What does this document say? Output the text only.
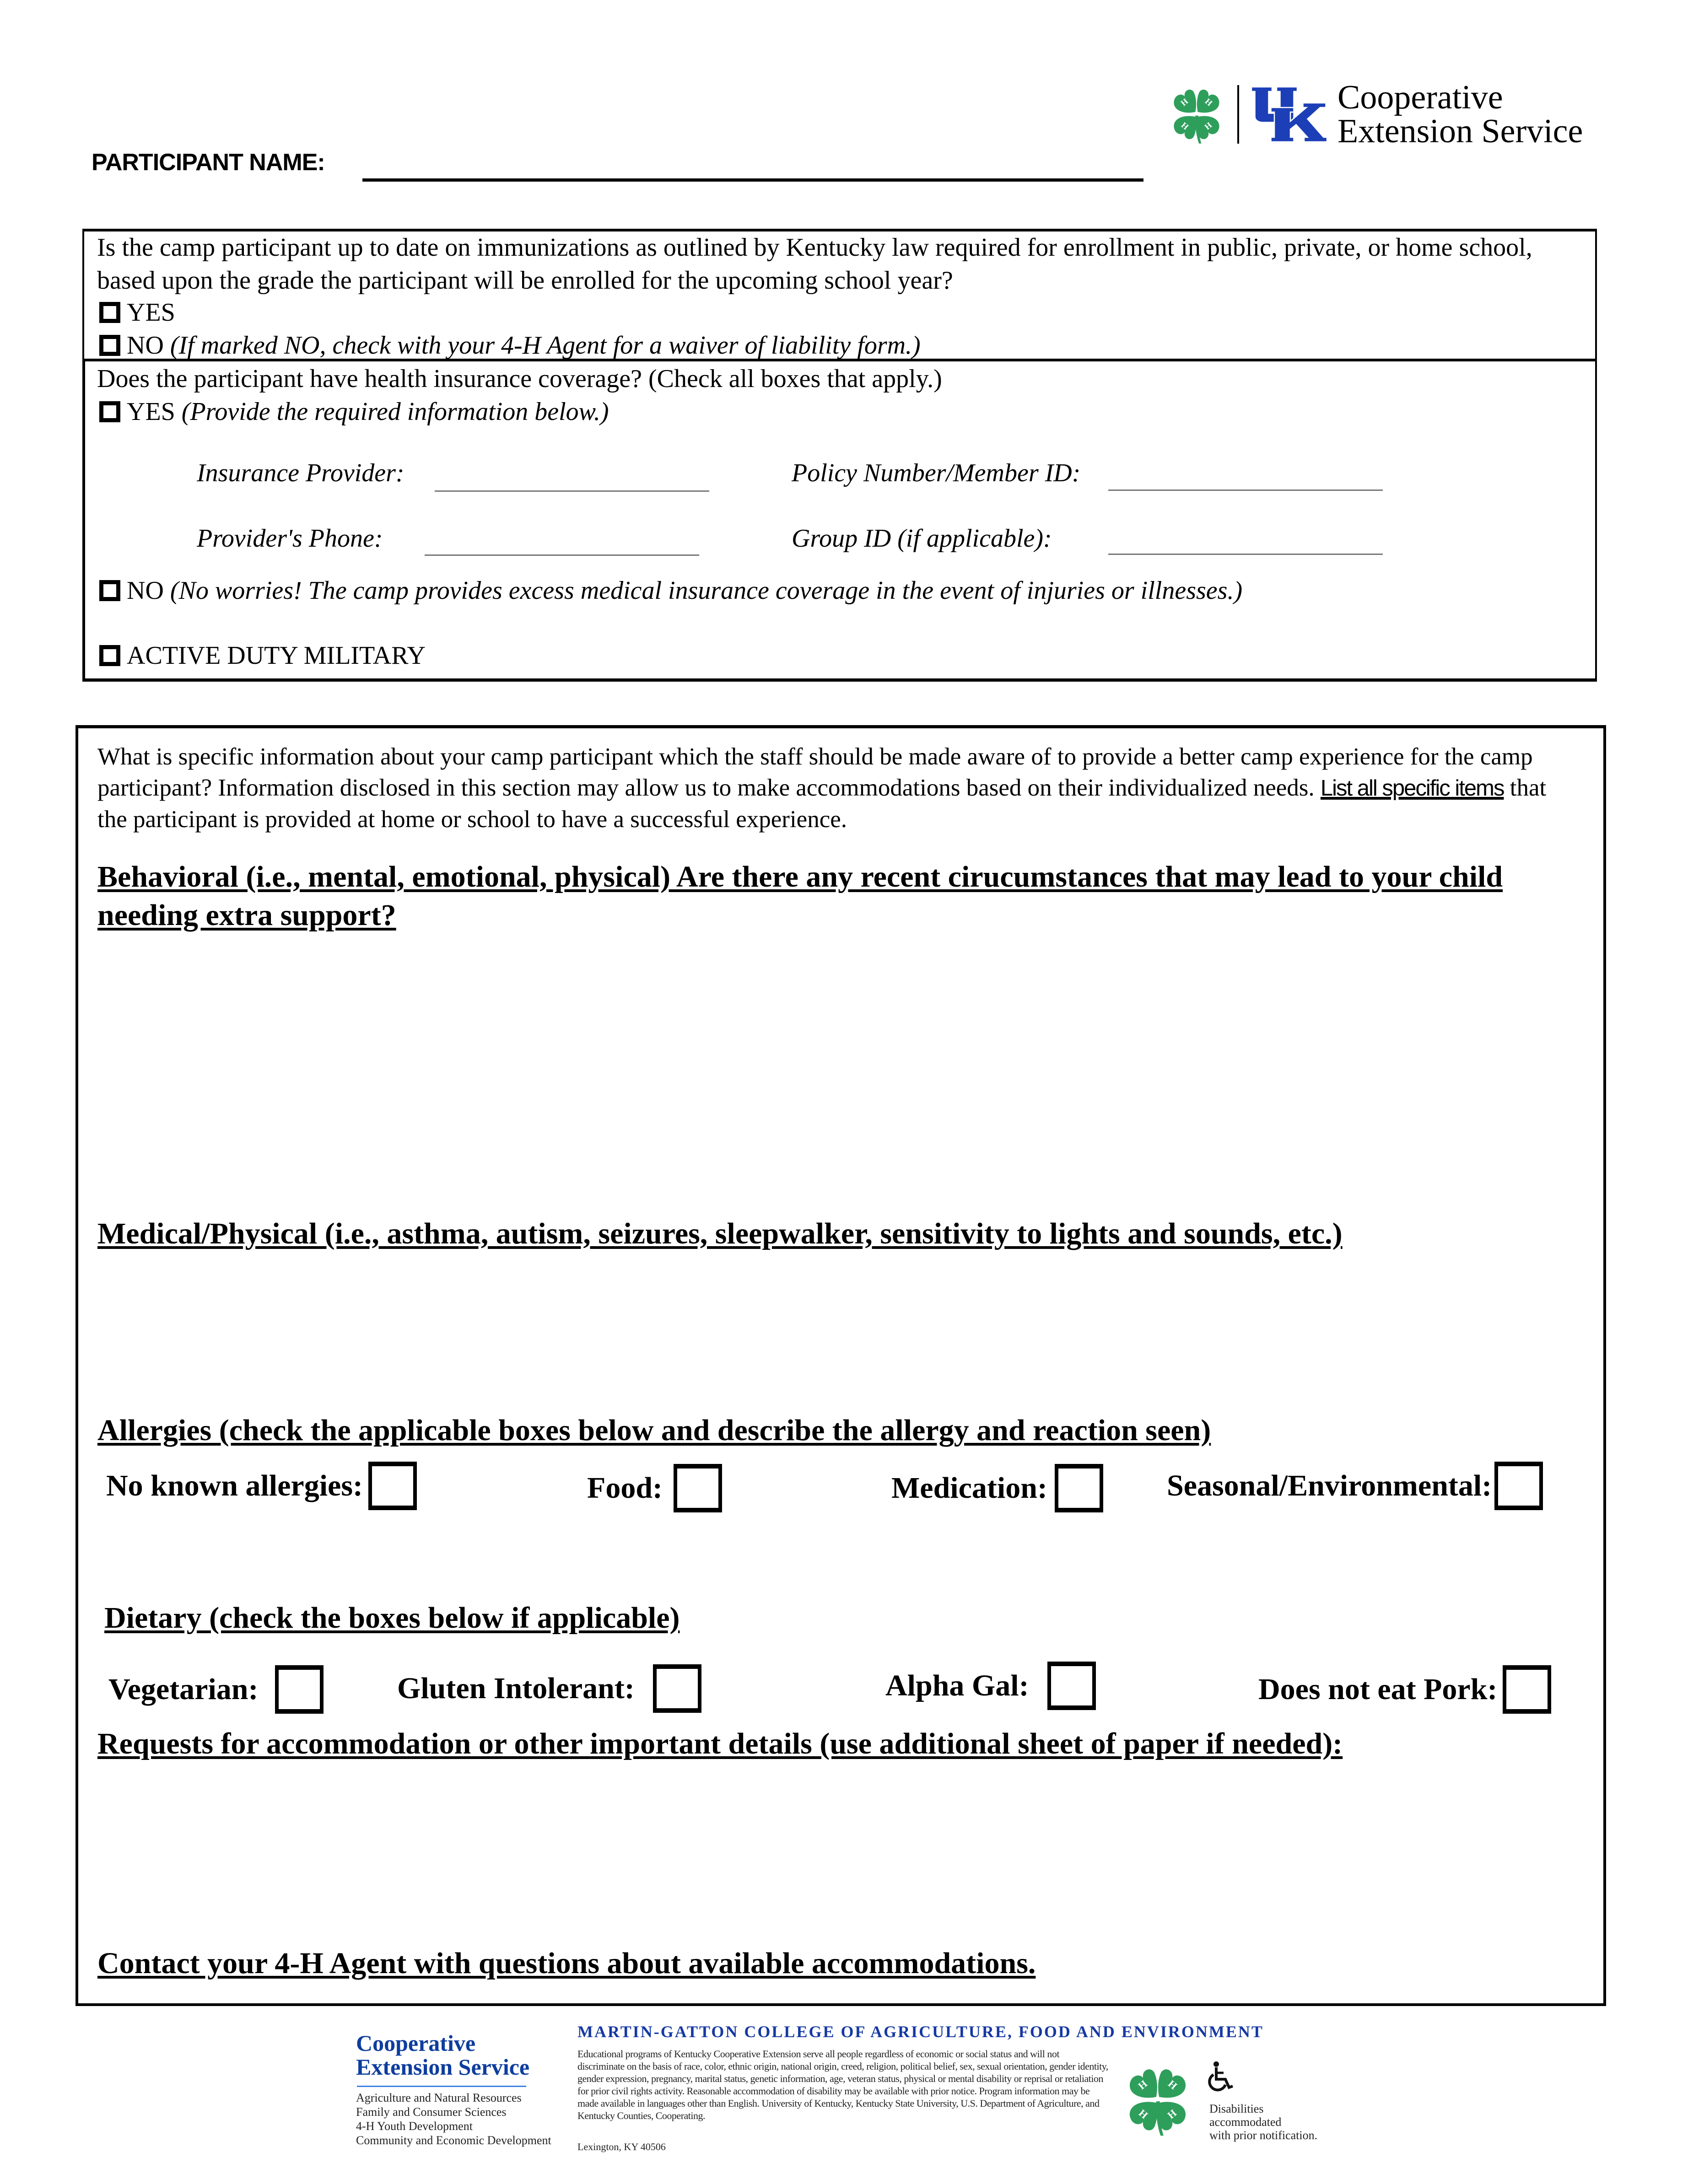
H H
H H
Cooperative
Extension Service
PARTICIPANT NAME:
Is the camp participant up to date on immunizations as outlined by Kentucky law required for enrollment in public, private, or home school, based upon the grade the participant will be enrolled for the upcoming school year?
YES
NO (If marked NO, check with your 4-H Agent for a waiver of liability form.)
Does the participant have health insurance coverage? (Check all boxes that apply.)
YES (Provide the required information below.)
Insurance Provider:	Policy Number/Member ID:
Provider's Phone:	Group ID (if applicable):
NO (No worries! The camp provides excess medical insurance coverage in the event of injuries or illnesses.)
ACTIVE DUTY MILITARY
What is specific information about your camp participant which the staff should be made aware of to provide a better camp experience for the camp participant? Information disclosed in this section may allow us to make accommodations based on their individualized needs. List all specific items that the participant is provided at home or school to have a successful experience.
Behavioral (i.e., mental, emotional, physical) Are there any recent cirucumstances that may lead to your child needing extra support?
Medical/Physical (i.e., asthma, autism, seizures, sleepwalker, sensitivity to lights and sounds, etc.)
Allergies (check the applicable boxes below and describe the allergy and reaction seen)
No known allergies:	Food:	Medication:	Seasonal/Environmental:
Dietary (check the boxes below if applicable)
Vegetarian:	Gluten Intolerant:	Alpha Gal:	Does not eat Pork:
Requests for accommodation or other important details (use additional sheet of paper if needed):
Contact your 4-H Agent with questions about available accommodations.
Cooperative
Extension Service
Agriculture and Natural Resources
Family and Consumer Sciences
4-H Youth Development
Community and Economic Development
MARTIN-GATTON COLLEGE OF AGRICULTURE, FOOD AND ENVIRONMENT
Educational programs of Kentucky Cooperative Extension serve all people regardless of economic or social status and will not discriminate on the basis of race, color, ethnic origin, national origin, creed, religion, political belief, sex, sexual orientation, gender identity, gender expression, pregnancy, marital status, genetic information, age, veteran status, physical or mental disability or reprisal or retaliation for prior civil rights activity. Reasonable accommodation of disability may be available with prior notice. Program information may be made available in languages other than English. University of Kentucky, Kentucky State University, U.S. Department of Agriculture, and Kentucky Counties, Cooperating.
Lexington, KY 40506
H	H
H H	Disabilities
accommodated
with prior notification.
